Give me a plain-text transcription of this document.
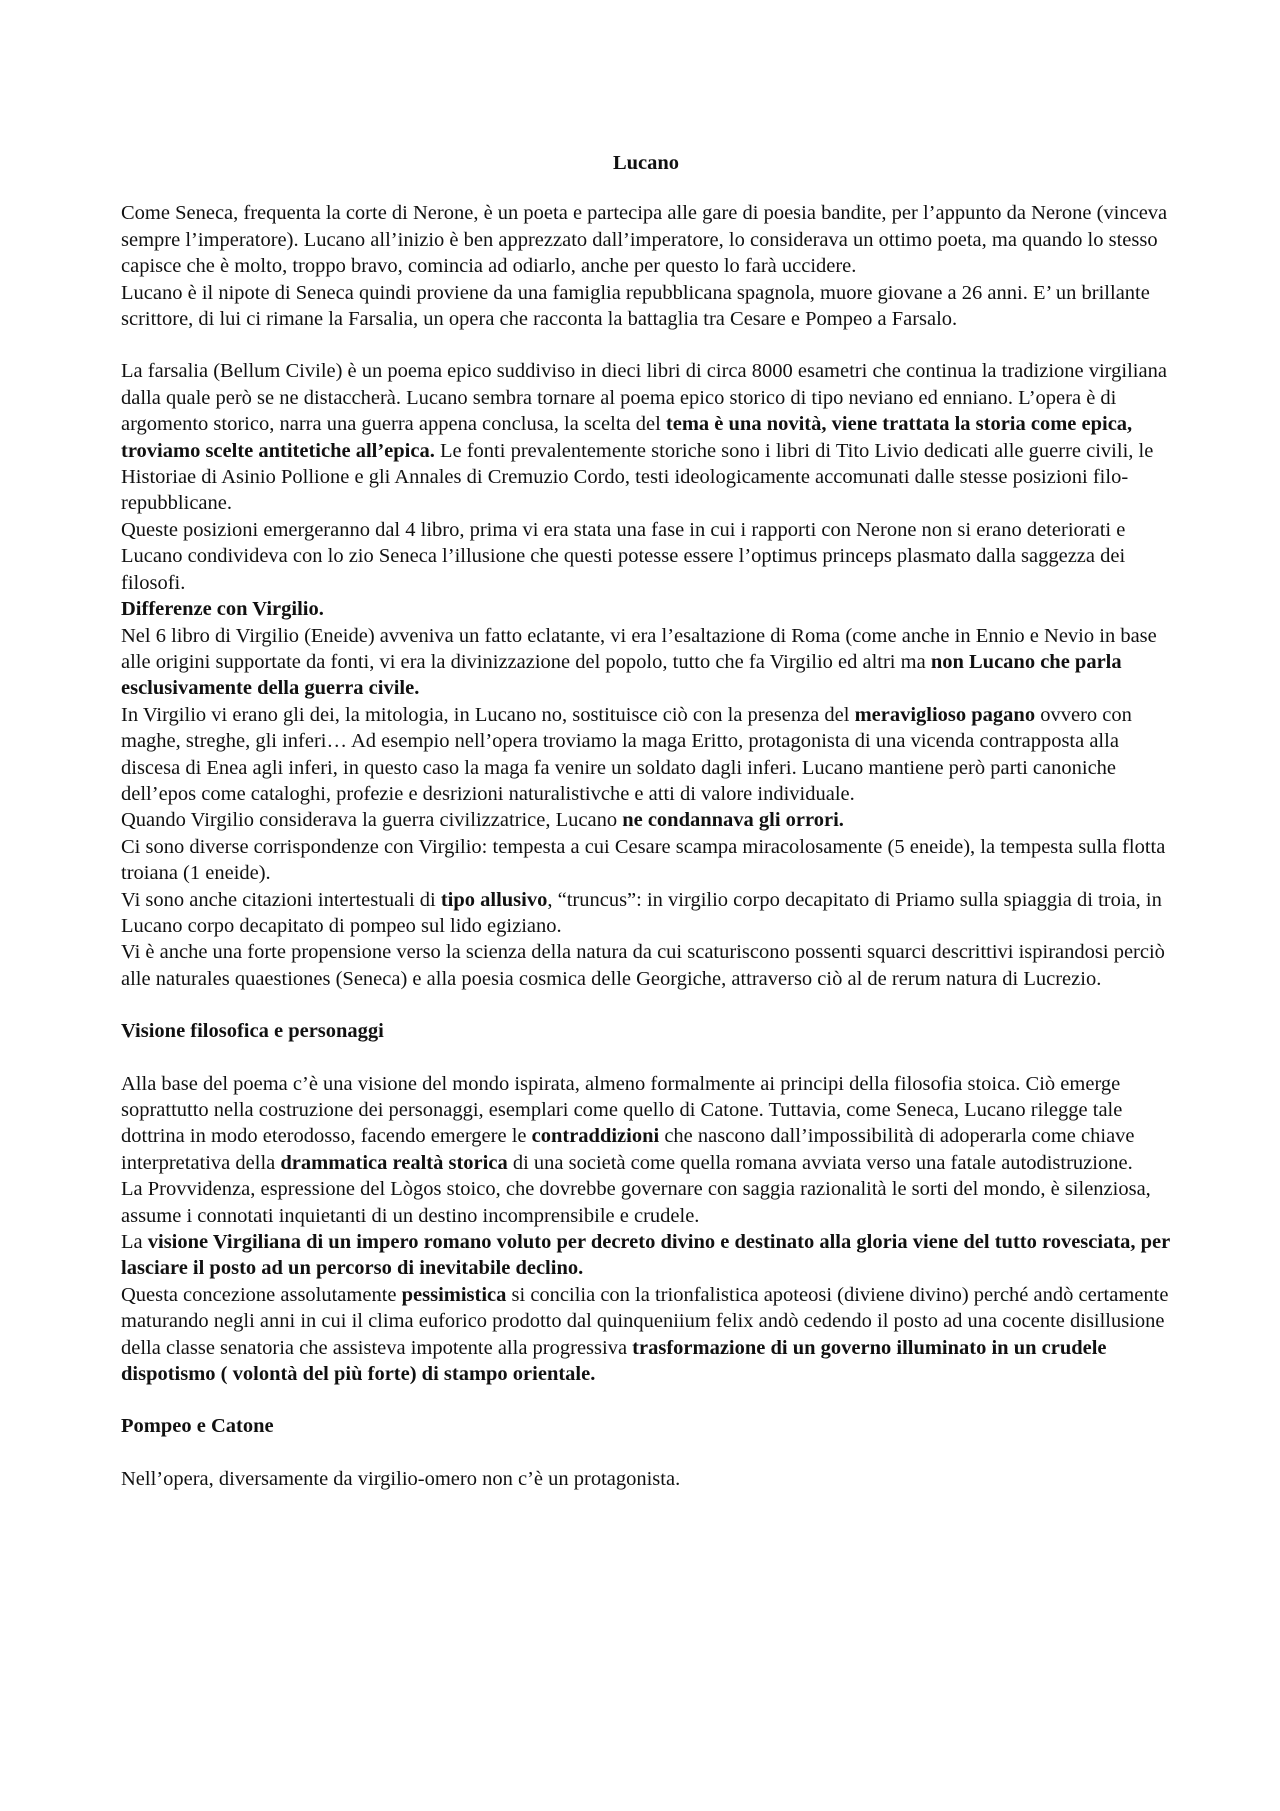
Lucano

Come Seneca, frequenta la corte di Nerone, è un poeta e partecipa alle gare di poesia bandite, per l’appunto da Nerone (vinceva sempre l’imperatore). Lucano all’inizio è ben apprezzato dall’imperatore, lo considerava un ottimo poeta, ma quando lo stesso capisce che è molto, troppo bravo, comincia ad odiarlo, anche per questo lo farà uccidere.

Lucano è il nipote di Seneca quindi proviene da una famiglia repubblicana spagnola, muore giovane a 26 anni. E’ un brillante scrittore, di lui ci rimane la Farsalia, un opera che racconta la battaglia tra Cesare e Pompeo a Farsalo.

La farsalia (Bellum Civile) è un poema epico suddiviso in dieci libri di circa 8000 esametri che continua la tradizione virgiliana dalla quale però se ne distaccherà. Lucano sembra tornare al poema epico storico di tipo neviano ed enniano. L’opera è di argomento storico, narra una guerra appena conclusa, la scelta del tema è una novità, viene trattata la storia come epica, troviamo scelte antitetiche all’epica. Le fonti prevalentemente storiche sono i libri di Tito Livio dedicati alle guerre civili, le Historiae di Asinio Pollione e gli Annales di Cremuzio Cordo, testi ideologicamente accomunati dalle stesse posizioni filo-repubblicane.

Queste posizioni emergeranno dal 4 libro, prima vi era stata una fase in cui i rapporti con Nerone non si erano deteriorati e Lucano condivideva con lo zio Seneca l’illusione che questi potesse essere l’optimus princeps plasmato dalla saggezza dei filosofi.

Differenze con Virgilio.

Nel 6 libro di Virgilio (Eneide) avveniva un fatto eclatante, vi era l’esaltazione di Roma (come anche in Ennio e Nevio in base alle origini supportate da fonti, vi era la divinizzazione del popolo, tutto che fa Virgilio ed altri ma non Lucano che parla esclusivamente della guerra civile.

In Virgilio vi erano gli dei, la mitologia, in Lucano no, sostituisce ciò con la presenza del meraviglioso pagano ovvero con maghe, streghe, gli inferi… Ad esempio nell’opera troviamo la maga Eritto, protagonista di una vicenda contrapposta alla discesa di Enea agli inferi, in questo caso la maga fa venire un soldato dagli inferi. Lucano mantiene però parti canoniche dell’epos come cataloghi, profezie e desrizioni naturalistivche e atti di valore individuale.

Quando Virgilio considerava la guerra civilizzatrice, Lucano ne condannava gli orrori.

Ci sono diverse corrispondenze con Virgilio: tempesta a cui Cesare scampa miracolosamente (5 eneide), la tempesta sulla flotta troiana (1 eneide).

Vi sono anche citazioni intertestuali di tipo allusivo, “truncus”: in virgilio corpo decapitato di Priamo sulla spiaggia di troia, in Lucano corpo decapitato di pompeo sul lido egiziano.

Vi è anche una forte propensione verso la scienza della natura da cui scaturiscono possenti squarci descrittivi ispirandosi perciò alle naturales quaestiones (Seneca) e alla poesia cosmica delle Georgiche, attraverso ciò al de rerum natura di Lucrezio.

Visione filosofica e personaggi

Alla base del poema c’è una visione del mondo ispirata, almeno formalmente ai principi della filosofia stoica. Ciò emerge soprattutto nella costruzione dei personaggi, esemplari come quello di Catone. Tuttavia, come Seneca, Lucano rilegge tale dottrina in modo eterodosso, facendo emergere le contraddizioni che nascono dall’impossibilità di adoperarla come chiave interpretativa della drammatica realtà storica di una società come quella romana avviata verso una fatale autodistruzione.

La Provvidenza, espressione del Lògos stoico, che dovrebbe governare con saggia razionalità le sorti del mondo, è silenziosa, assume i connotati inquietanti di un destino incomprensibile e crudele.

La visione Virgiliana di un impero romano voluto per decreto divino e destinato alla gloria viene del tutto rovesciata, per lasciare il posto ad un percorso di inevitabile declino.

Questa concezione assolutamente pessimistica si concilia con la trionfalistica apoteosi (diviene divino) perché andò certamente maturando negli anni in cui il clima euforico prodotto dal quinqueniium felix andò cedendo il posto ad una cocente disillusione della classe senatoria che assisteva impotente alla progressiva trasformazione di un governo illuminato in un crudele dispotismo ( volontà del più forte) di stampo orientale.

Pompeo e Catone

Nell’opera, diversamente da virgilio-omero non c’è un protagonista.
